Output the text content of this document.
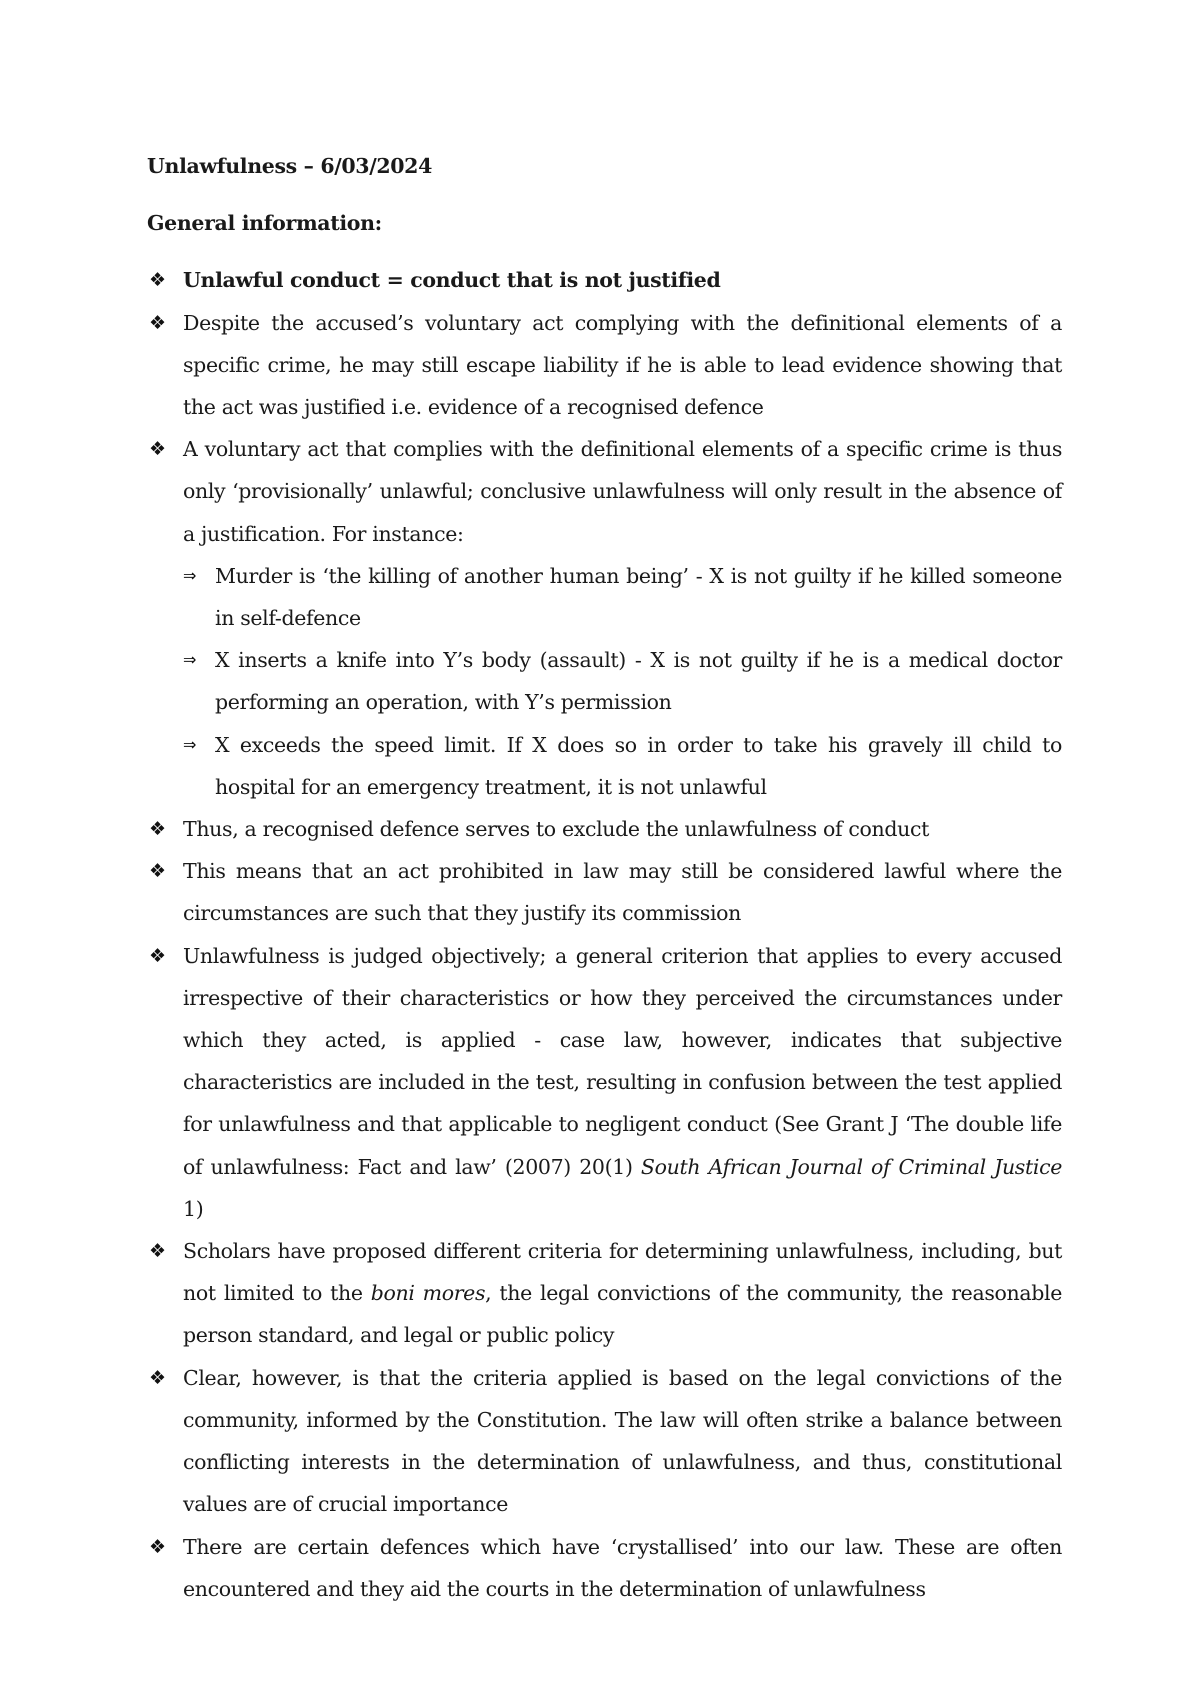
Unlawfulness – 6/03/2024

General information:

❖ Unlawful conduct = conduct that is not justified
❖ Despite the accused’s voluntary act complying with the definitional elements of a specific crime, he may still escape liability if he is able to lead evidence showing that the act was justified i.e. evidence of a recognised defence
❖ A voluntary act that complies with the definitional elements of a specific crime is thus only ‘provisionally’ unlawful; conclusive unlawfulness will only result in the absence of a justification. For instance:
⇒ Murder is ‘the killing of another human being’ - X is not guilty if he killed someone in self-defence
⇒ X inserts a knife into Y’s body (assault) - X is not guilty if he is a medical doctor performing an operation, with Y’s permission
⇒ X exceeds the speed limit. If X does so in order to take his gravely ill child to hospital for an emergency treatment, it is not unlawful
❖ Thus, a recognised defence serves to exclude the unlawfulness of conduct
❖ This means that an act prohibited in law may still be considered lawful where the circumstances are such that they justify its commission
❖ Unlawfulness is judged objectively; a general criterion that applies to every accused irrespective of their characteristics or how they perceived the circumstances under which they acted, is applied - case law, however, indicates that subjective characteristics are included in the test, resulting in confusion between the test applied for unlawfulness and that applicable to negligent conduct (See Grant J ‘The double life of unlawfulness: Fact and law’ (2007) 20(1) South African Journal of Criminal Justice 1)
❖ Scholars have proposed different criteria for determining unlawfulness, including, but not limited to the boni mores, the legal convictions of the community, the reasonable person standard, and legal or public policy
❖ Clear, however, is that the criteria applied is based on the legal convictions of the community, informed by the Constitution. The law will often strike a balance between conflicting interests in the determination of unlawfulness, and thus, constitutional values are of crucial importance
❖ There are certain defences which have ‘crystallised’ into our law. These are often encountered and they aid the courts in the determination of unlawfulness
